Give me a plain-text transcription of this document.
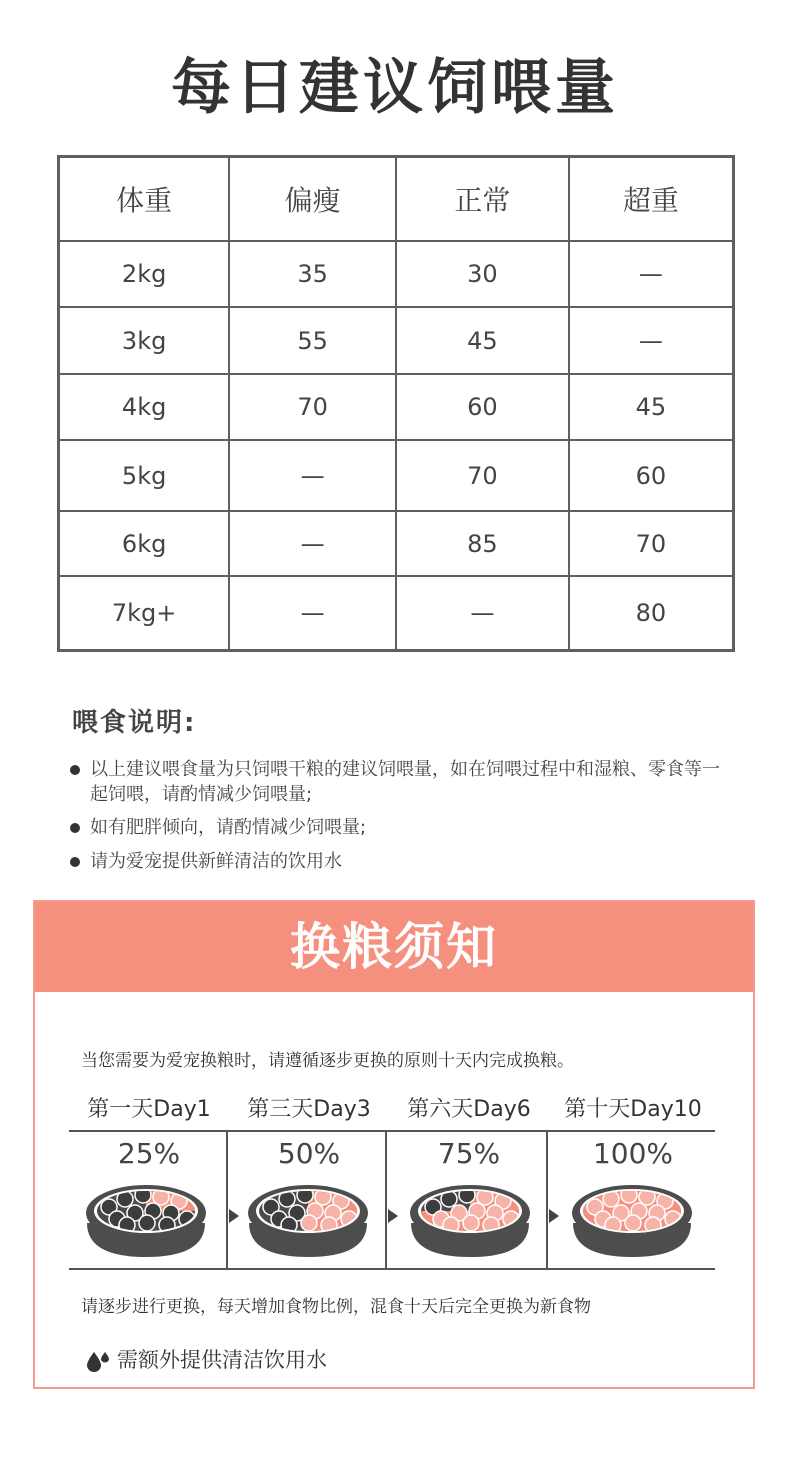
每日建议饲喂量
体重	偏瘦	正常	超重
2kg	35	30	—
3kg	55	45	—
4kg	70	60	45
5kg	—	70	60
6kg	—	85	70
7kg+	—	—	80
喂食说明:
以上建议喂食量为只饲喂干粮的建议饲喂量，如在饲喂过程中和湿粮、零食等一起饲喂，请酌情减少饲喂量;
如有肥胖倾向，请酌情减少饲喂量;
请为爱宠提供新鲜清洁的饮用水
换粮须知
当您需要为爱宠换粮时，请遵循逐步更换的原则十天内完成换粮。
第一天Day1	第三天Day3	第六天Day6	第十天Day10
25%	50%	75%	100%
请逐步进行更换，每天增加食物比例，混食十天后完全更换为新食物
需额外提供清洁饮用水
